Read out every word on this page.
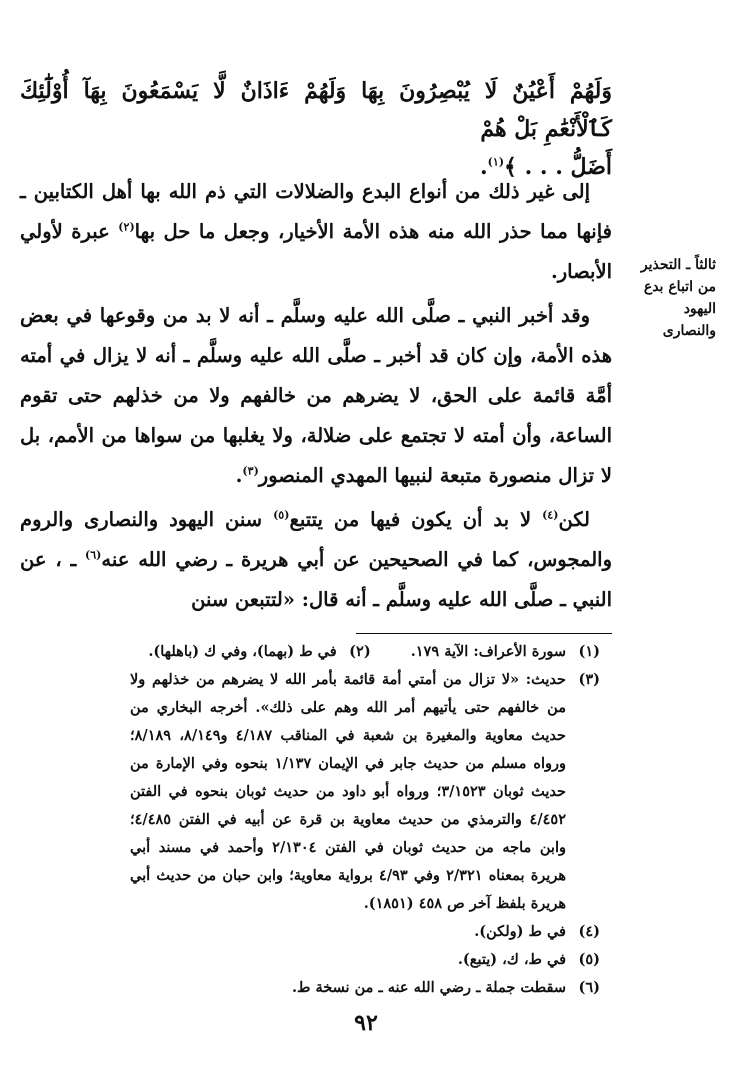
وَلَهُمْ أَعْيُنٌ لَا يُبْصِرُونَ بِهَا وَلَهُمْ ءَاذَانٌ لَّا يَسْمَعُونَ بِهَآ أُوْلَٰٓئِكَ كَٱلْأَنْعَٰمِ بَلْ هُمْ
أَضَلُّ . . . ﴾$^{(١)}$.
ثالثاً ـ التحذير من اتباع بدع اليهود والنصارى

إلى غير ذلك من أنواع البدع والضلالات التي ذم الله بها أهل الكتابين ـ فإنها مما حذر الله منه هذه الأمة الأخيار، وجعل ما حل بها$^{(٢)}$ عبرة لأولي الأبصار.

وقد أخبر النبي ـ صلَّى الله عليه وسلَّم ـ أنه لا بد من وقوعها في بعض هذه الأمة، وإن كان قد أخبر ـ صلَّى الله عليه وسلَّم ـ أنه لا يزال في أمته أمَّة قائمة على الحق، لا يضرهم من خالفهم ولا من خذلهم حتى تقوم الساعة، وأن أمته لا تجتمع على ضلالة، ولا يغلبها من سواها من الأمم، بل لا تزال منصورة متبعة لنبيها المهدي المنصور$^{(٣)}$.

لكن$^{(٤)}$ لا بد أن يكون فيها من يتتبع$^{(٥)}$ سنن اليهود والنصارى والروم والمجوس، كما في الصحيحين عن أبي هريرة ـ رضي الله عنه$^{(٦)}$ ـ ، عن النبي ـ صلَّى الله عليه وسلَّم ـ أنه قال: «لتتبعن سنن

(١)
سورة الأعراف: الآية ١٧٩.
(٢)
في ط (بهما)، وفي ك (باهلها).
(٣)
حديث: «لا تزال من أمتي أمة قائمة بأمر الله لا يضرهم من خذلهم ولا من خالفهم حتى يأتيهم أمر الله وهم على ذلك». أخرجه البخاري من حديث معاوية والمغيرة بن شعبة في المناقب ٤/١٨٧ و٨/١٤٩، ٨/١٨٩؛ ورواه مسلم من حديث جابر في الإيمان ١/١٣٧ بنحوه وفي الإمارة من حديث ثوبان ٣/١٥٢٣؛ ورواه أبو داود من حديث ثوبان بنحوه في الفتن ٤/٤٥٢ والترمذي من حديث معاوية بن قرة عن أبيه في الفتن ٤/٤٨٥؛ وابن ماجه من حديث ثوبان في الفتن ٢/١٣٠٤ وأحمد في مسند أبي هريرة بمعناه ٢/٣٢١ وفي ٤/٩٣ برواية معاوية؛ وابن حبان من حديث أبي هريرة بلفظ آخر ص ٤٥٨ (١٨٥١).
(٤)
في ط (ولكن).
(٥)
في ط، ك، (يتبع).
(٦)
سقطت جملة ـ رضي الله عنه ـ من نسخة ط.
٩٢
